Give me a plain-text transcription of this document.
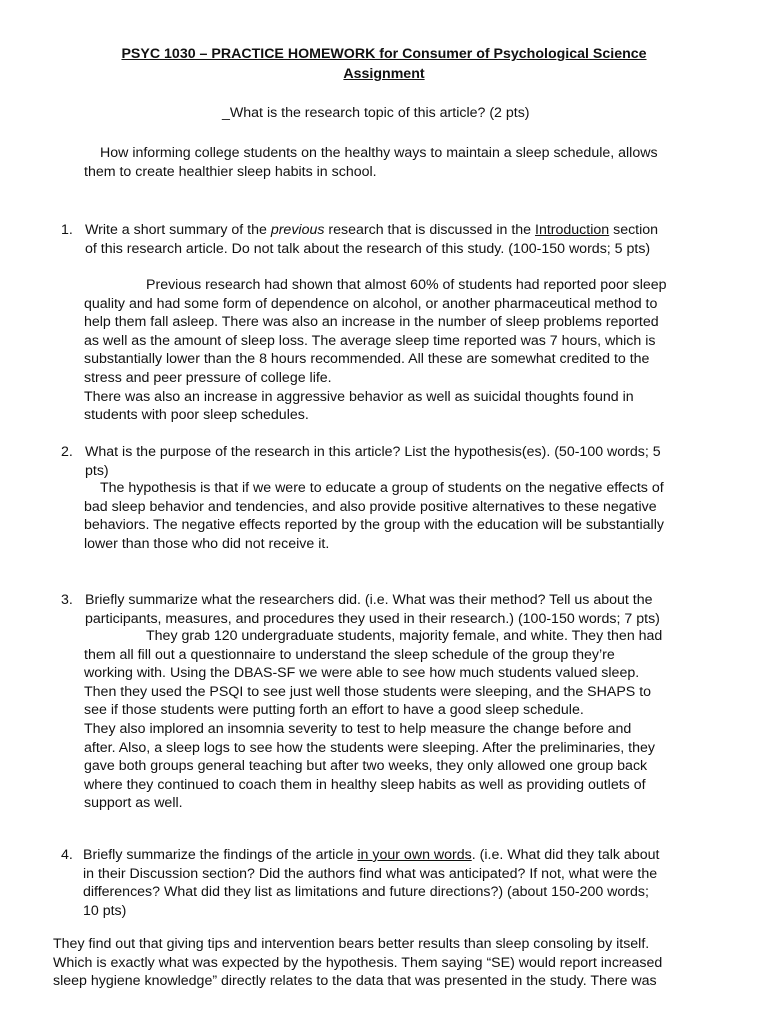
PSYC 1030 – PRACTICE HOMEWORK for Consumer of Psychological Science
Assignment
_What is the research topic of this article? (2 pts)
How informing college students on the healthy ways to maintain a sleep schedule, allows
them to create healthier sleep habits in school.
1. Write a short summary of the previous research that is discussed in the Introduction section
of this research article. Do not talk about the research of this study. (100-150 words; 5 pts)
Previous research had shown that almost 60% of students had reported poor sleep
quality and had some form of dependence on alcohol, or another pharmaceutical method to
help them fall asleep. There was also an increase in the number of sleep problems reported
as well as the amount of sleep loss. The average sleep time reported was 7 hours, which is
substantially lower than the 8 hours recommended. All these are somewhat credited to the
stress and peer pressure of college life.
There was also an increase in aggressive behavior as well as suicidal thoughts found in
students with poor sleep schedules.
2. What is the purpose of the research in this article? List the hypothesis(es). (50-100 words; 5
pts)
The hypothesis is that if we were to educate a group of students on the negative effects of
bad sleep behavior and tendencies, and also provide positive alternatives to these negative
behaviors. The negative effects reported by the group with the education will be substantially
lower than those who did not receive it.
3. Briefly summarize what the researchers did. (i.e. What was their method? Tell us about the
participants, measures, and procedures they used in their research.) (100-150 words; 7 pts)
They grab 120 undergraduate students, majority female, and white. They then had
them all fill out a questionnaire to understand the sleep schedule of the group they’re
working with. Using the DBAS-SF we were able to see how much students valued sleep.
Then they used the PSQI to see just well those students were sleeping, and the SHAPS to
see if those students were putting forth an effort to have a good sleep schedule.
They also implored an insomnia severity to test to help measure the change before and
after. Also, a sleep logs to see how the students were sleeping. After the preliminaries, they
gave both groups general teaching but after two weeks, they only allowed one group back
where they continued to coach them in healthy sleep habits as well as providing outlets of
support as well.
4. Briefly summarize the findings of the article in your own words. (i.e. What did they talk about
in their Discussion section? Did the authors find what was anticipated? If not, what were the
differences? What did they list as limitations and future directions?) (about 150-200 words;
10 pts)
They find out that giving tips and intervention bears better results than sleep consoling by itself.
Which is exactly what was expected by the hypothesis. Them saying “SE) would report increased
sleep hygiene knowledge” directly relates to the data that was presented in the study. There was
